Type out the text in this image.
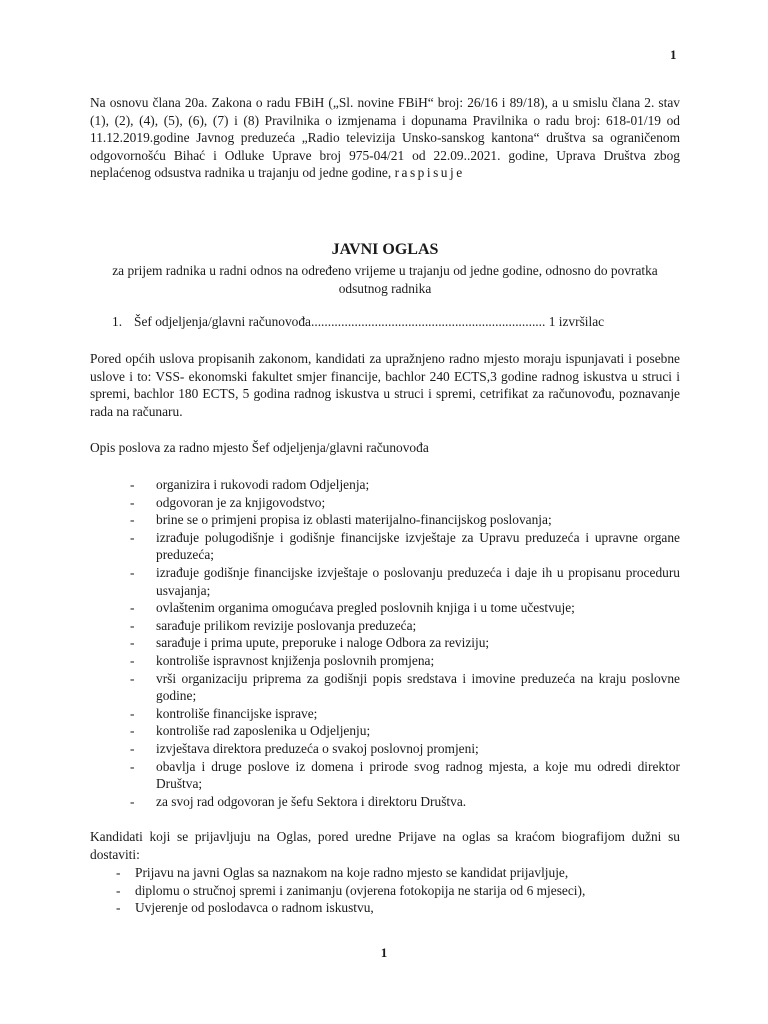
1
Na osnovu člana 20a. Zakona o radu FBiH („Sl. novine FBiH“ broj: 26/16 i 89/18), a u smislu člana 2. stav (1), (2), (4), (5), (6), (7) i (8) Pravilnika o izmjenama i dopunama Pravilnika o radu broj: 618-01/19 od 11.12.2019.godine Javnog preduzeća „Radio televizija Unsko-sanskog kantona“ društva sa ograničenom odgovornošću Bihać i Odluke Uprave broj 975-04/21 od 22.09..2021. godine, Uprava Društva zbog neplaćenog odsustva radnika u trajanju od jedne godine, raspisuje

JAVNI OGLAS

za prijem radnika u radni odnos na određeno vrijeme u trajanju od jedne godine, odnosno do povratka odsutnog radnika

1. Šef odjeljenja/glavni računovođa...................................................................... 1 izvršilac
Pored općih uslova propisanih zakonom, kandidati za upražnjeno radno mjesto moraju ispunjavati i posebne uslove i to: VSS- ekonomski fakultet smjer financije, bachlor 240 ECTS,3 godine radnog iskustva u struci i spremi, bachlor 180 ECTS, 5 godina radnog iskustva u struci i spremi, cetrifikat za računovođu, poznavanje rada na računaru.
Opis poslova za radno mjesto Šef odjeljenja/glavni računovođa
- organizira i rukovodi radom Odjeljenja;
- odgovoran je za knjigovodstvo;
- brine se o primjeni propisa iz oblasti materijalno-financijskog poslovanja;
- izrađuje polugodišnje i godišnje financijske izvještaje za Upravu preduzeća i upravne organe preduzeća;
- izrađuje godišnje financijske izvještaje o poslovanju preduzeća i daje ih u propisanu proceduru usvajanja;
- ovlaštenim organima omogućava pregled poslovnih knjiga i u tome učestvuje;
- sarađuje prilikom revizije poslovanja preduzeća;
- sarađuje i prima upute, preporuke i naloge Odbora za reviziju;
- kontroliše ispravnost knjiženja poslovnih promjena;
- vrši organizaciju priprema za godišnji popis sredstava i imovine preduzeća na kraju poslovne godine;
- kontroliše financijske isprave;
- kontroliše rad zaposlenika u Odjeljenju;
- izvještava direktora preduzeća o svakoj poslovnoj promjeni;
- obavlja i druge poslove iz domena i prirode svog radnog mjesta, a koje mu odredi direktor Društva;
- za svoj rad odgovoran je šefu Sektora i direktoru Društva.
Kandidati koji se prijavljuju na Oglas, pored uredne Prijave na oglas sa kraćom biografijom dužni su dostaviti:
- Prijavu na javni Oglas sa naznakom na koje radno mjesto se kandidat prijavljuje,
- diplomu o stručnoj spremi i zanimanju (ovjerena fotokopija ne starija od 6 mjeseci),
- Uvjerenje od poslodavca o radnom iskustvu,
1
